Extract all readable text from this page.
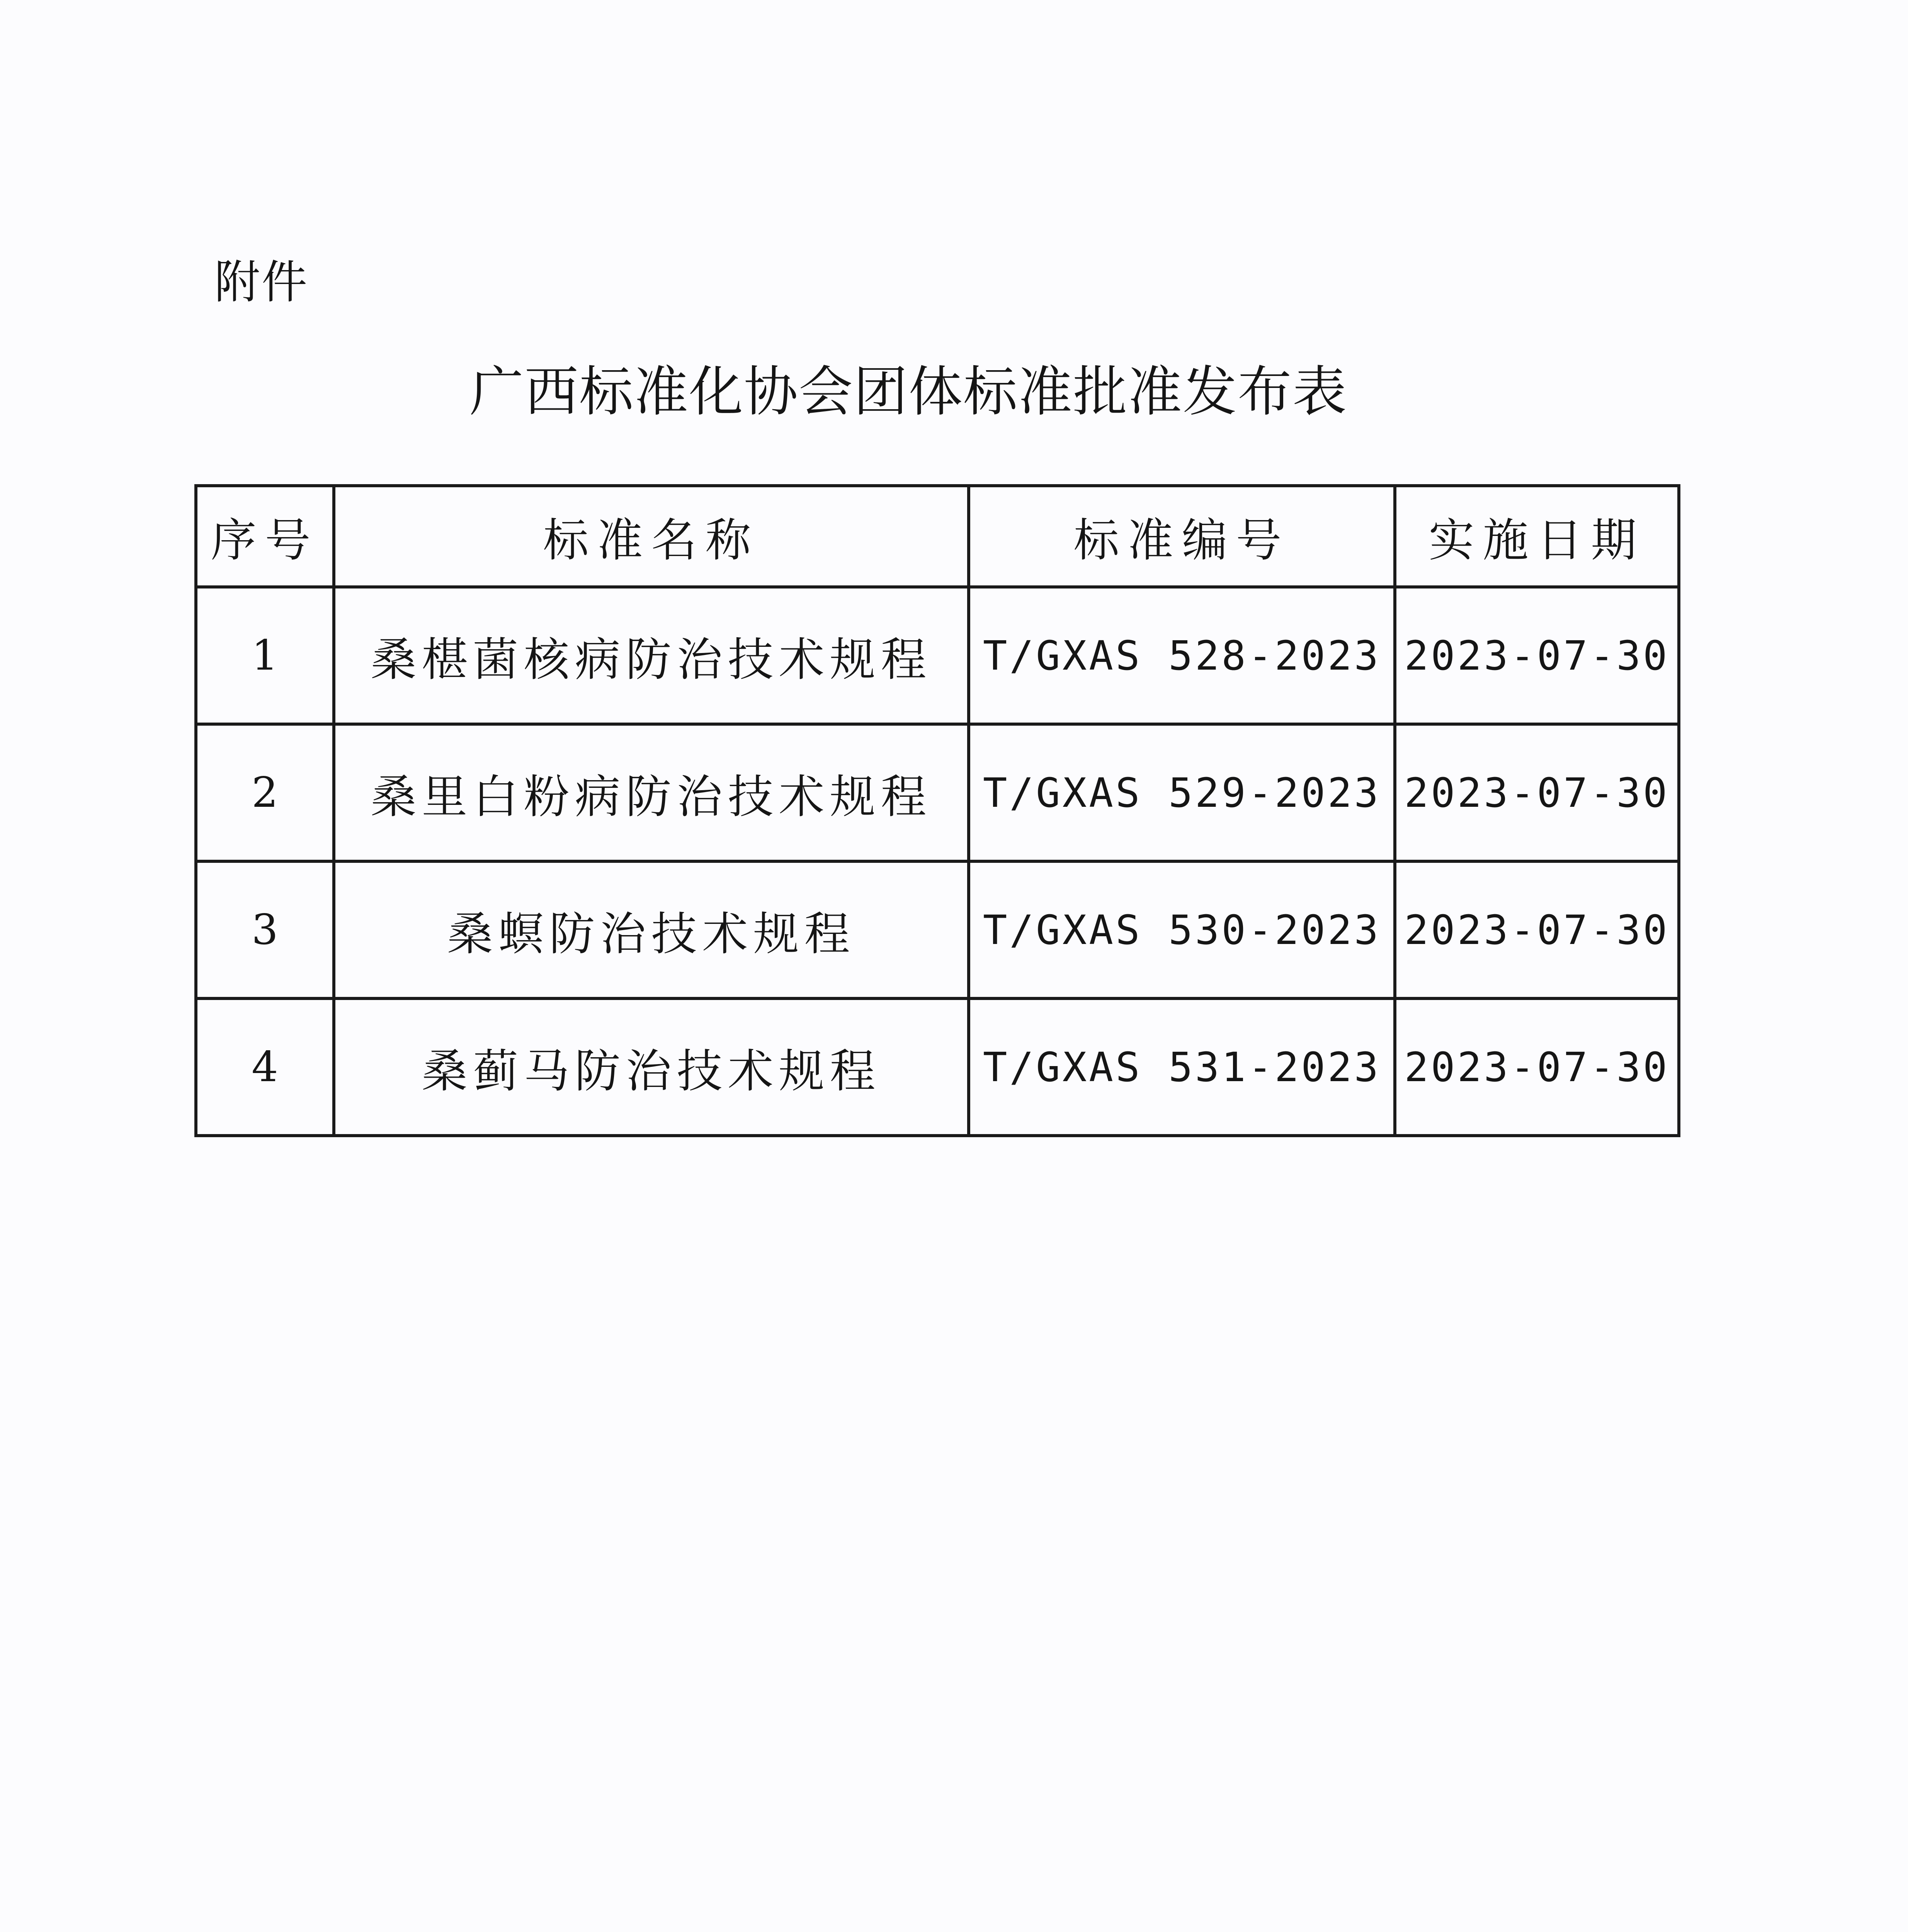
附件
广西标准化协会团体标准批准发布表
序号	标准名称	标准编号	实施日期
1	桑椹菌核病防治技术规程	T/GXAS 528-2023	2023-07-30
2	桑里白粉病防治技术规程	T/GXAS 529-2023	2023-07-30
3	桑螟防治技术规程	T/GXAS 530-2023	2023-07-30
4	桑蓟马防治技术规程	T/GXAS 531-2023	2023-07-30
